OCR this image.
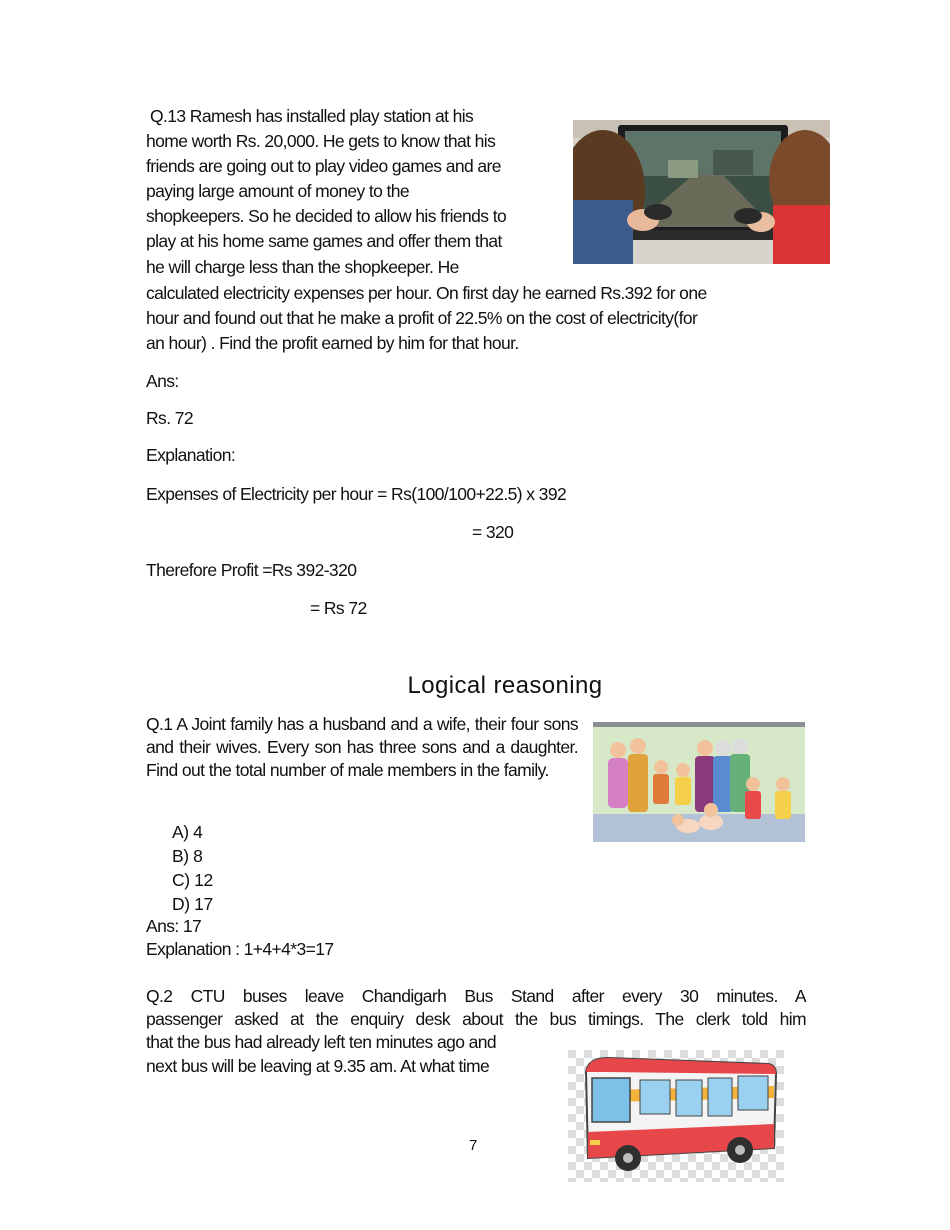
Q.13 Ramesh has installed play station at his
home worth Rs. 20,000. He gets to know that his
friends are going out to play video games and are
paying large amount of money to the
shopkeepers. So he decided to allow his friends to
play at his home same games and offer them that
he will charge less than the shopkeeper. He
calculated electricity expenses per hour. On first day he earned Rs.392 for one
hour and found out that he make a profit of 22.5% on the cost of electricity(for
an hour) . Find the profit earned by him for that hour.
Ans:
Rs. 72
Explanation:
Expenses of Electricity per hour = Rs(100/100+22.5) x 392
= 320
Therefore Profit =Rs 392-320
= Rs 72
Logical reasoning
Q.1 A Joint family has a husband and a wife, their four sons and their wives. Every son has three sons and a daughter. Find out the total number of male members in the family.
A) 4
B) 8
C) 12
D) 17
Ans: 17
Explanation : 1+4+4*3=17
Q.2 CTU buses leave Chandigarh Bus Stand after every 30 minutes. A
passenger asked at the enquiry desk about the bus timings. The clerk told him
that the bus had already left ten minutes ago and
next bus will be leaving at 9.35 am. At what time
7
